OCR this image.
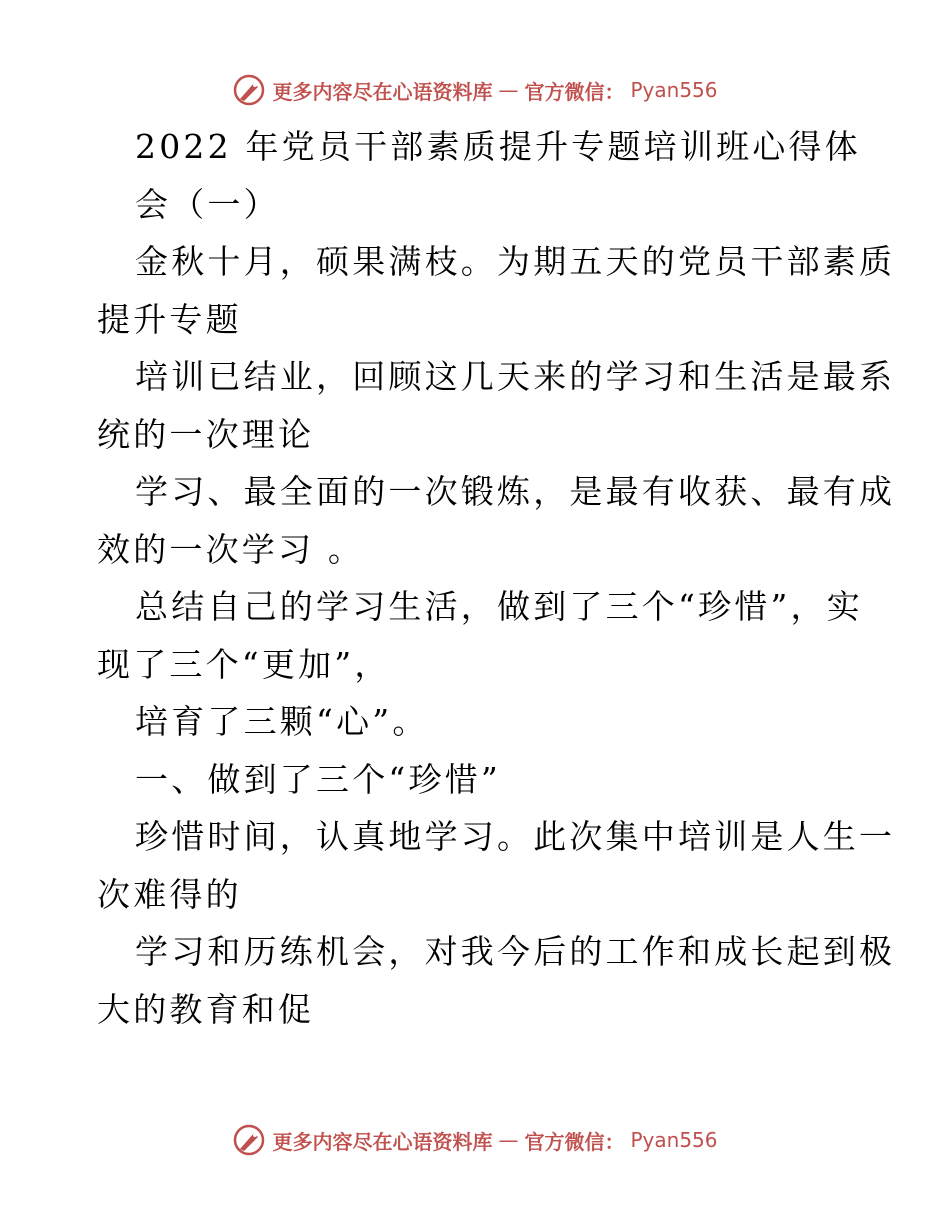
更多内容尽在心语资料库 — 官方微信： Pyan556
2022 年党员干部素质提升专题培训班心得体
会（一）
金秋十月，硕果满枝。为期五天的党员干部素质
提升专题
培训已结业，回顾这几天来的学习和生活是最系
统的一次理论
学习、最全面的一次锻炼，是最有收获、最有成
效的一次学习 。
总结自己的学习生活，做到了三个“珍惜”，实
现了三个“更加”，
培育了三颗“心”。
一、做到了三个“珍惜”
珍惜时间，认真地学习。此次集中培训是人生一
次难得的
学习和历练机会，对我今后的工作和成长起到极
大的教育和促
更多内容尽在心语资料库 — 官方微信： Pyan556
